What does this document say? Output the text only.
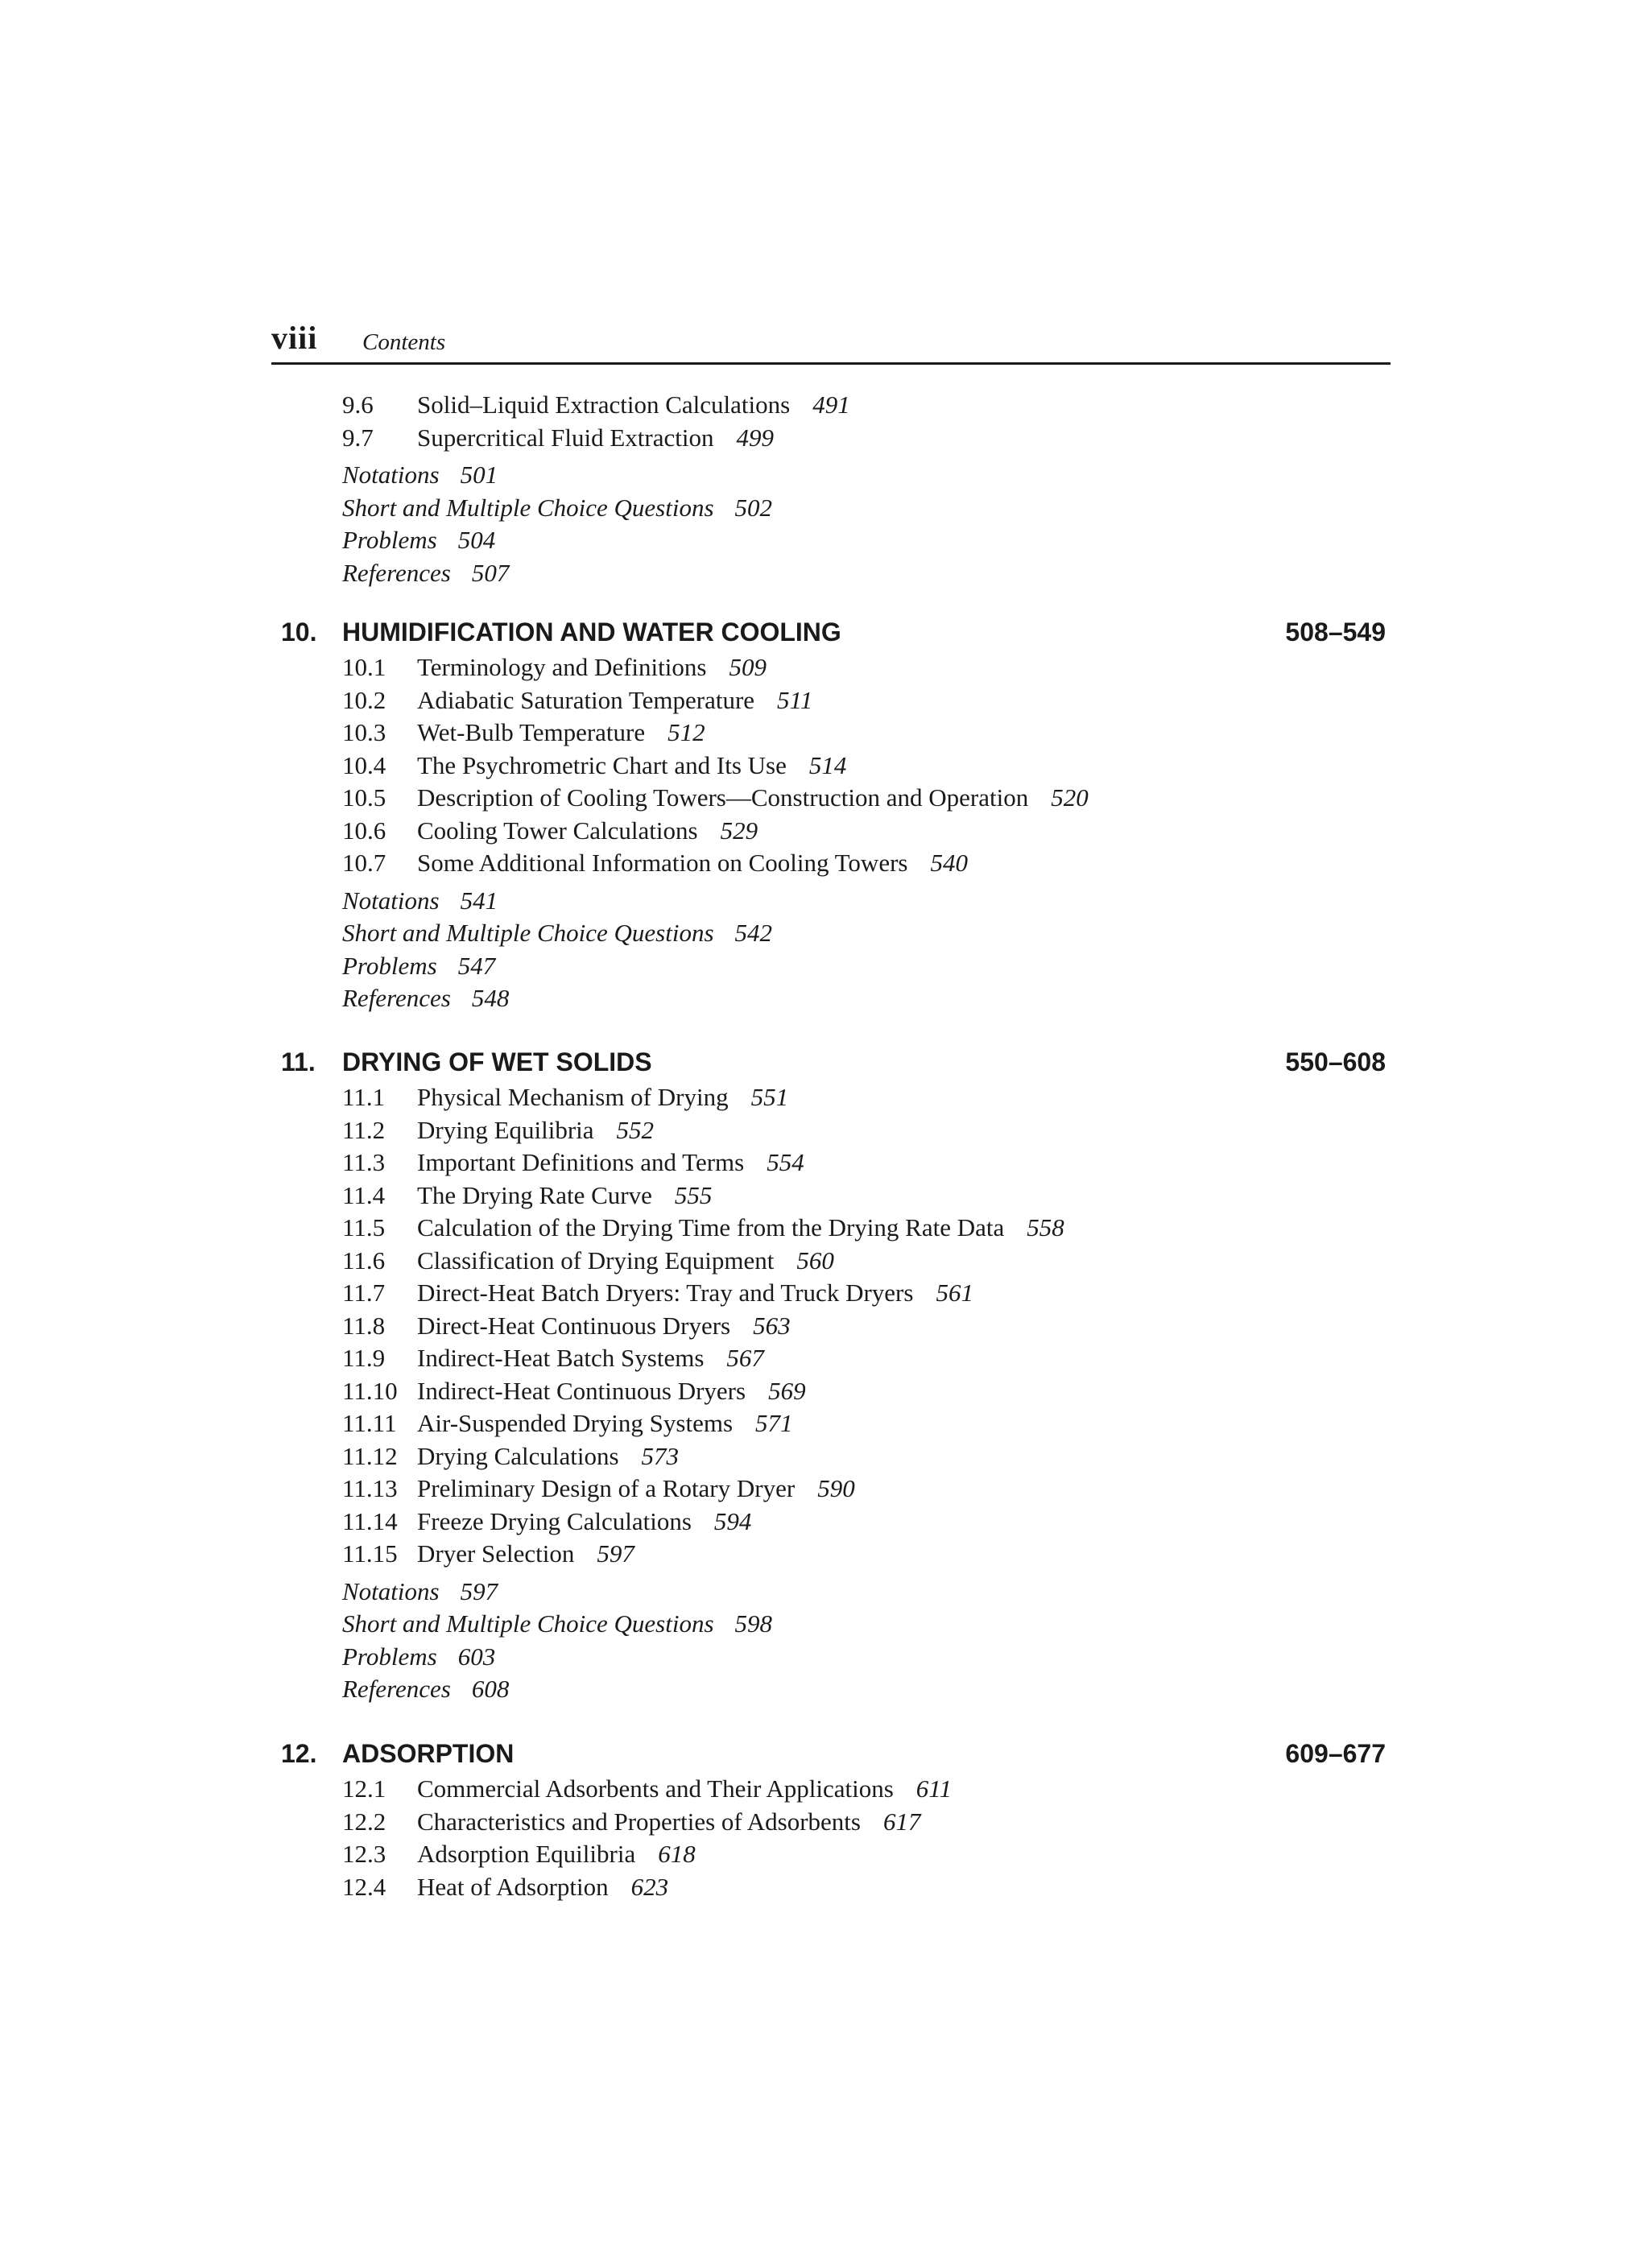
viii Contents
9.6 Solid–Liquid Extraction Calculations 491
9.7 Supercritical Fluid Extraction 499
Notations 501
Short and Multiple Choice Questions 502
Problems 504
References 507
10. HUMIDIFICATION AND WATER COOLING	508–549
10.1 Terminology and Definitions 509
10.2 Adiabatic Saturation Temperature 511
10.3 Wet-Bulb Temperature 512
10.4 The Psychrometric Chart and Its Use 514
10.5 Description of Cooling Towers—Construction and Operation 520
10.6 Cooling Tower Calculations 529
10.7 Some Additional Information on Cooling Towers 540
Notations 541
Short and Multiple Choice Questions 542
Problems 547
References 548
11. DRYING OF WET SOLIDS	550–608
11.1 Physical Mechanism of Drying 551
11.2 Drying Equilibria 552
11.3 Important Definitions and Terms 554
11.4 The Drying Rate Curve 555
11.5 Calculation of the Drying Time from the Drying Rate Data 558
11.6 Classification of Drying Equipment 560
11.7 Direct-Heat Batch Dryers: Tray and Truck Dryers 561
11.8 Direct-Heat Continuous Dryers 563
11.9 Indirect-Heat Batch Systems 567
11.10 Indirect-Heat Continuous Dryers 569
11.11 Air-Suspended Drying Systems 571
11.12 Drying Calculations 573
11.13 Preliminary Design of a Rotary Dryer 590
11.14 Freeze Drying Calculations 594
11.15 Dryer Selection 597
Notations 597
Short and Multiple Choice Questions 598
Problems 603
References 608
12. ADSORPTION	609–677
12.1 Commercial Adsorbents and Their Applications 611
12.2 Characteristics and Properties of Adsorbents 617
12.3 Adsorption Equilibria 618
12.4 Heat of Adsorption 623
